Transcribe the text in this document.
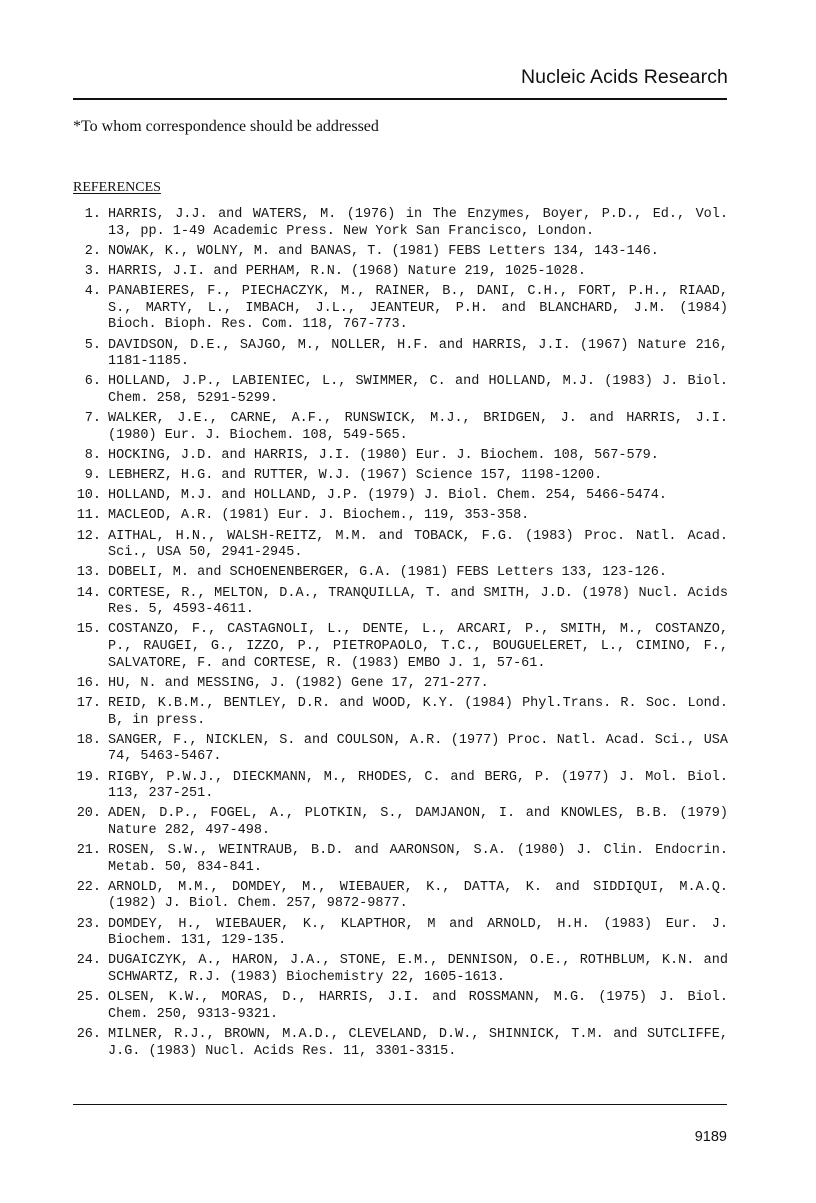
Nucleic Acids Research
*To whom correspondence should be addressed
REFERENCES
1. HARRIS, J.J. and WATERS, M. (1976) in The Enzymes, Boyer, P.D., Ed., Vol. 13, pp. 1-49 Academic Press. New York San Francisco, London.
2. NOWAK, K., WOLNY, M. and BANAS, T. (1981) FEBS Letters 134, 143-146.
3. HARRIS, J.I. and PERHAM, R.N. (1968) Nature 219, 1025-1028.
4. PANABIERES, F., PIECHACZYK, M., RAINER, B., DANI, C.H., FORT, P.H., RIAAD, S., MARTY, L., IMBACH, J.L., JEANTEUR, P.H. and BLANCHARD, J.M. (1984) Bioch. Bioph. Res. Com. 118, 767-773.
5. DAVIDSON, D.E., SAJGO, M., NOLLER, H.F. and HARRIS, J.I. (1967) Nature 216, 1181-1185.
6. HOLLAND, J.P., LABIENIEC, L., SWIMMER, C. and HOLLAND, M.J. (1983) J. Biol. Chem. 258, 5291-5299.
7. WALKER, J.E., CARNE, A.F., RUNSWICK, M.J., BRIDGEN, J. and HARRIS, J.I. (1980) Eur. J. Biochem. 108, 549-565.
8. HOCKING, J.D. and HARRIS, J.I. (1980) Eur. J. Biochem. 108, 567-579.
9. LEBHERZ, H.G. and RUTTER, W.J. (1967) Science 157, 1198-1200.
10. HOLLAND, M.J. and HOLLAND, J.P. (1979) J. Biol. Chem. 254, 5466-5474.
11. MACLEOD, A.R. (1981) Eur. J. Biochem., 119, 353-358.
12. AITHAL, H.N., WALSH-REITZ, M.M. and TOBACK, F.G. (1983) Proc. Natl. Acad. Sci., USA 50, 2941-2945.
13. DOBELI, M. and SCHOENENBERGER, G.A. (1981) FEBS Letters 133, 123-126.
14. CORTESE, R., MELTON, D.A., TRANQUILLA, T. and SMITH, J.D. (1978) Nucl. Acids Res. 5, 4593-4611.
15. COSTANZO, F., CASTAGNOLI, L., DENTE, L., ARCARI, P., SMITH, M., COSTANZO, P., RAUGEI, G., IZZO, P., PIETROPAOLO, T.C., BOUGUELERET, L., CIMINO, F., SALVATORE, F. and CORTESE, R. (1983) EMBO J. 1, 57-61.
16. HU, N. and MESSING, J. (1982) Gene 17, 271-277.
17. REID, K.B.M., BENTLEY, D.R. and WOOD, K.Y. (1984) Phyl.Trans. R. Soc. Lond. B, in press.
18. SANGER, F., NICKLEN, S. and COULSON, A.R. (1977) Proc. Natl. Acad. Sci., USA 74, 5463-5467.
19. RIGBY, P.W.J., DIECKMANN, M., RHODES, C. and BERG, P. (1977) J. Mol. Biol. 113, 237-251.
20. ADEN, D.P., FOGEL, A., PLOTKIN, S., DAMJANON, I. and KNOWLES, B.B. (1979) Nature 282, 497-498.
21. ROSEN, S.W., WEINTRAUB, B.D. and AARONSON, S.A. (1980) J. Clin. Endocrin. Metab. 50, 834-841.
22. ARNOLD, M.M., DOMDEY, M., WIEBAUER, K., DATTA, K. and SIDDIQUI, M.A.Q. (1982) J. Biol. Chem. 257, 9872-9877.
23. DOMDEY, H., WIEBAUER, K., KLAPTHOR, M and ARNOLD, H.H. (1983) Eur. J. Biochem. 131, 129-135.
24. DUGAICZYK, A., HARON, J.A., STONE, E.M., DENNISON, O.E., ROTHBLUM, K.N. and SCHWARTZ, R.J. (1983) Biochemistry 22, 1605-1613.
25. OLSEN, K.W., MORAS, D., HARRIS, J.I. and ROSSMANN, M.G. (1975) J. Biol. Chem. 250, 9313-9321.
26. MILNER, R.J., BROWN, M.A.D., CLEVELAND, D.W., SHINNICK, T.M. and SUTCLIFFE, J.G. (1983) Nucl. Acids Res. 11, 3301-3315.
9189
